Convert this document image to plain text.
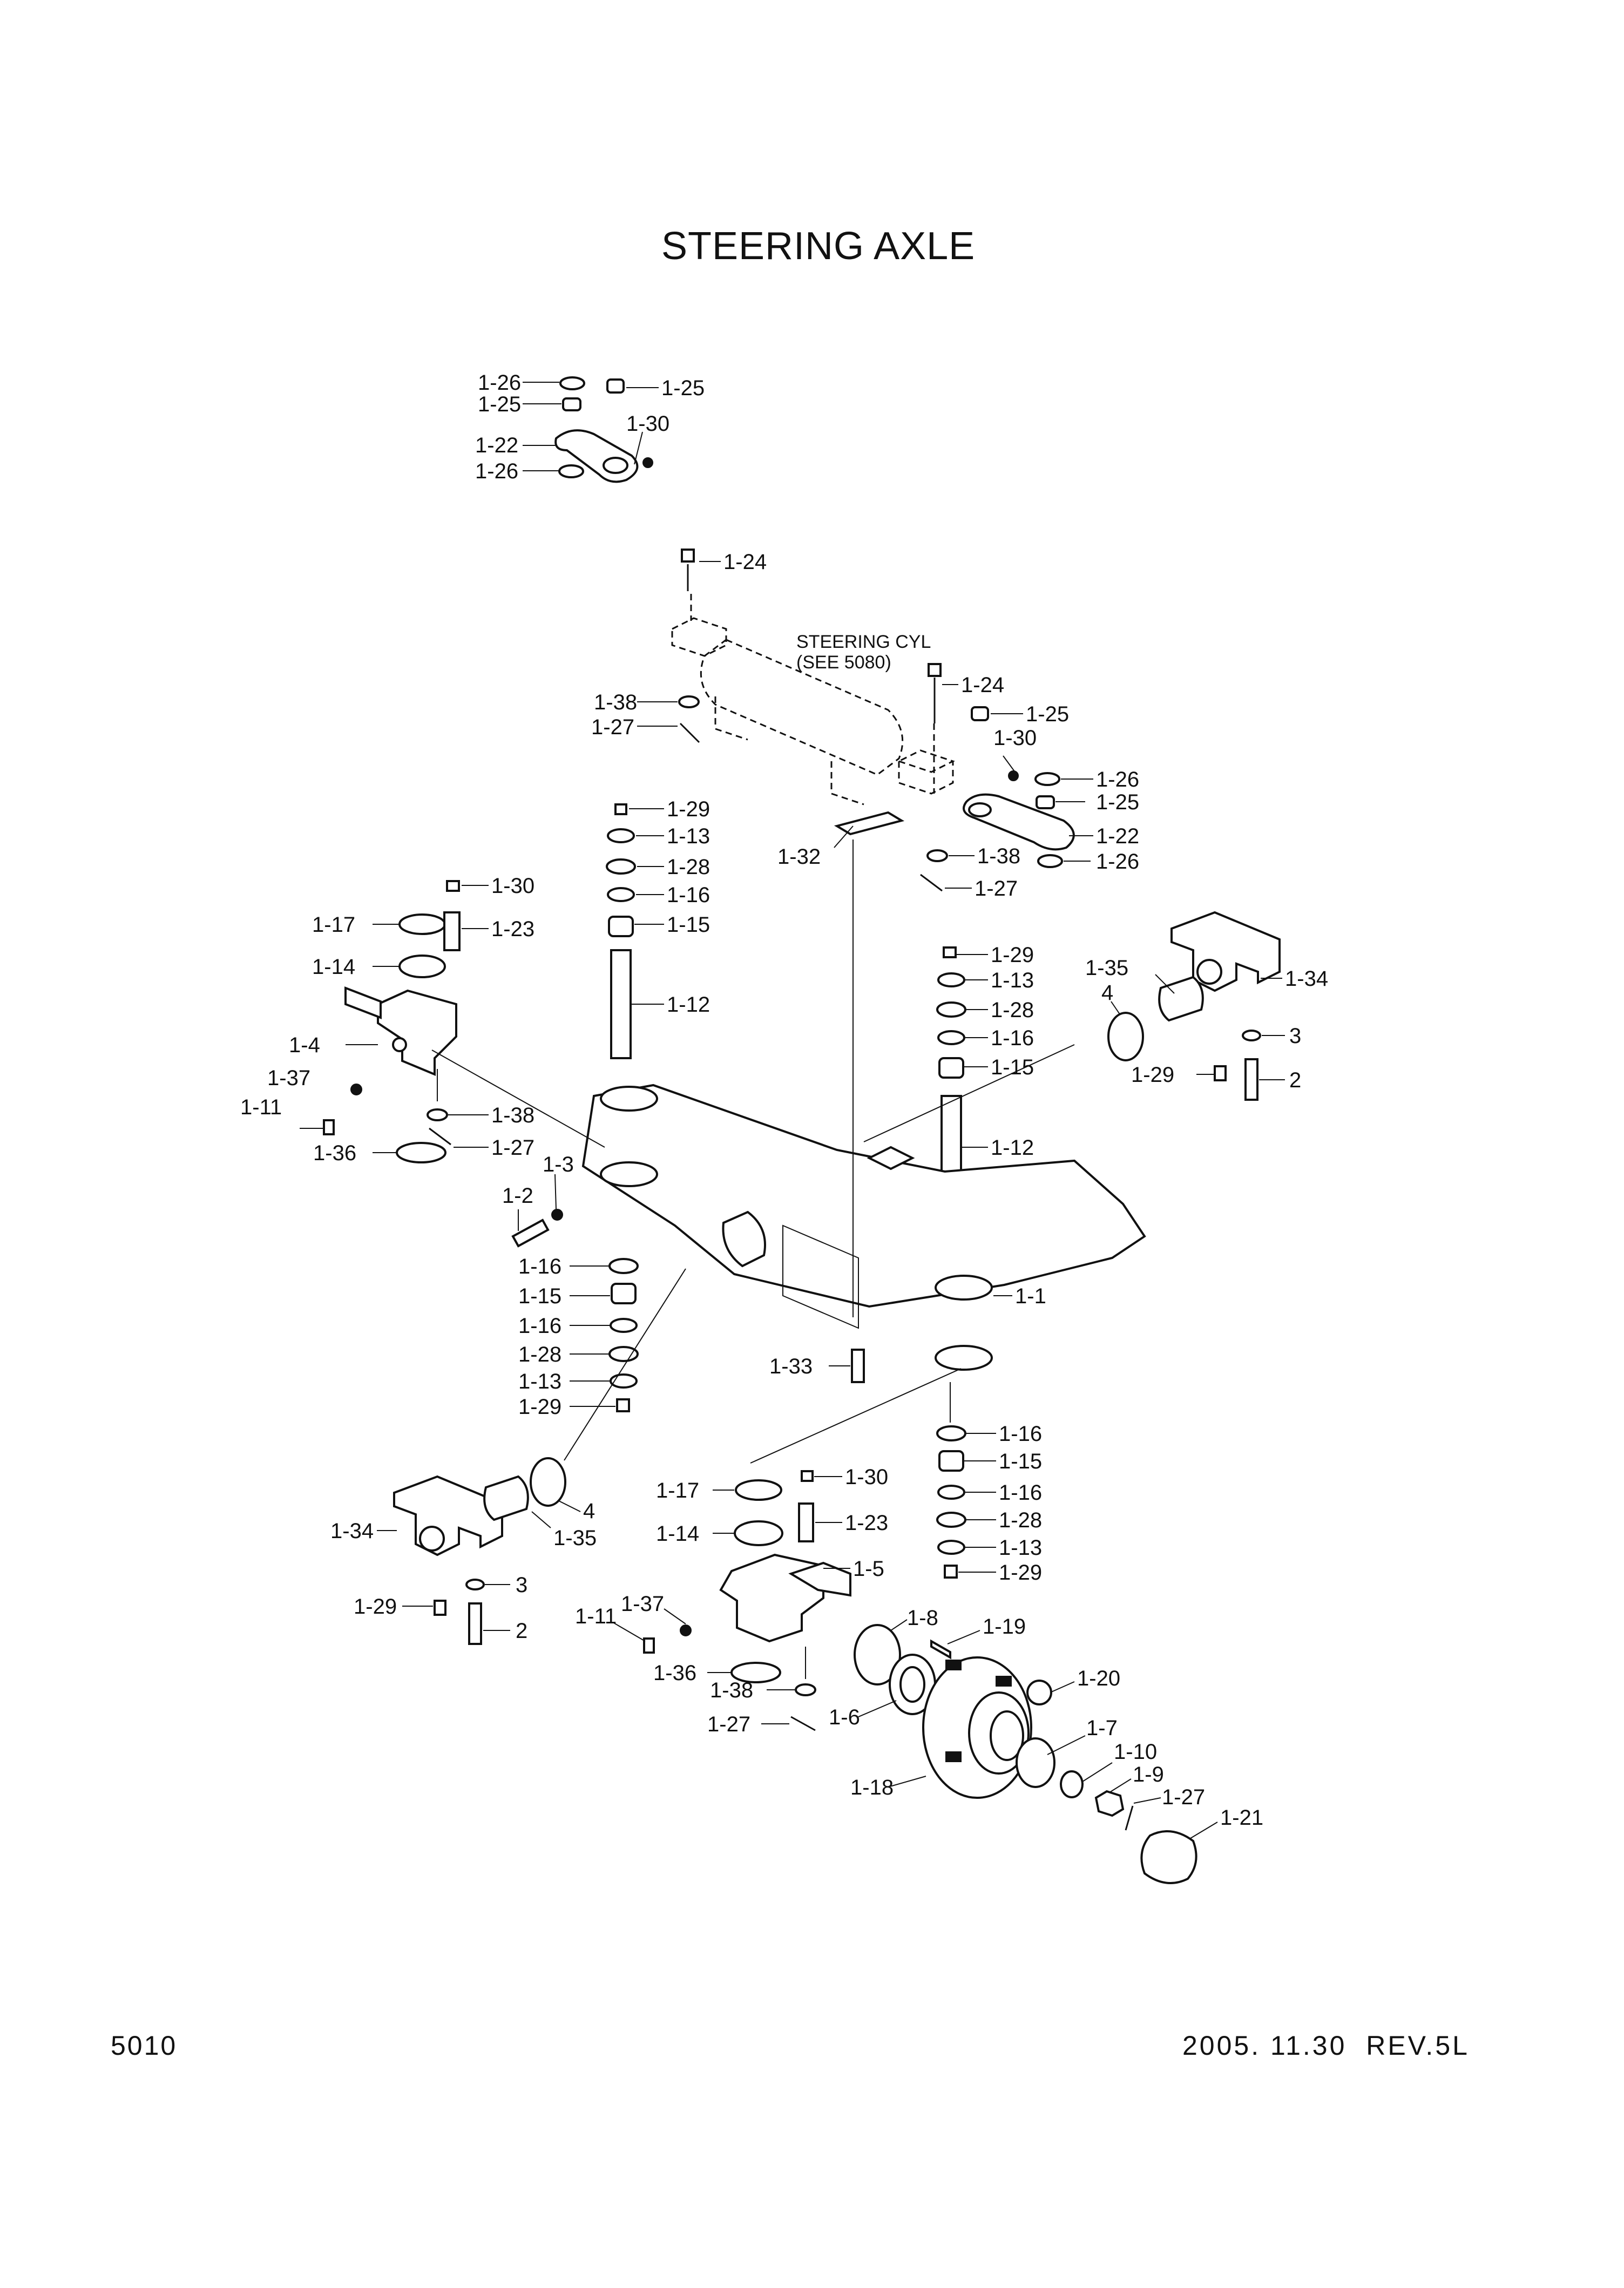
STEERING AXLE
STEERING CYL
(SEE 5080)
1-26
1-25
1-25
1-30
1-24
1-22
1-26
1-38
1-27
1-24
1-25
1-30
1-26
1-25
1-22
1-38	1-26
1-27
1-32
1-29
1-13
1-28
1-16
1-15
1-12
1-30
1-17	1-23
1-14
1-4
1-37
1-11	1-38
1-36	1-27
1-29
1-13
1-28
1-16
1-15
1-12
1-35
4
1-34
3
1-29	2
1-3
1-2
1-1
1-33
1-16
1-15
1-16
1-28
1-13
1-29
1-16
1-15
1-16
1-28
1-13
1-29
1-34
4
1-35
1-29
3
2
1-30
1-17
1-23
1-14
1-5
1-37
1-11
1-36
1-38
1-27
1-8 1-19
1-20
1-6	1-7
1-10
1-9
1-27
1-18
1-21
5010	2005. 11.30  REV.5L
